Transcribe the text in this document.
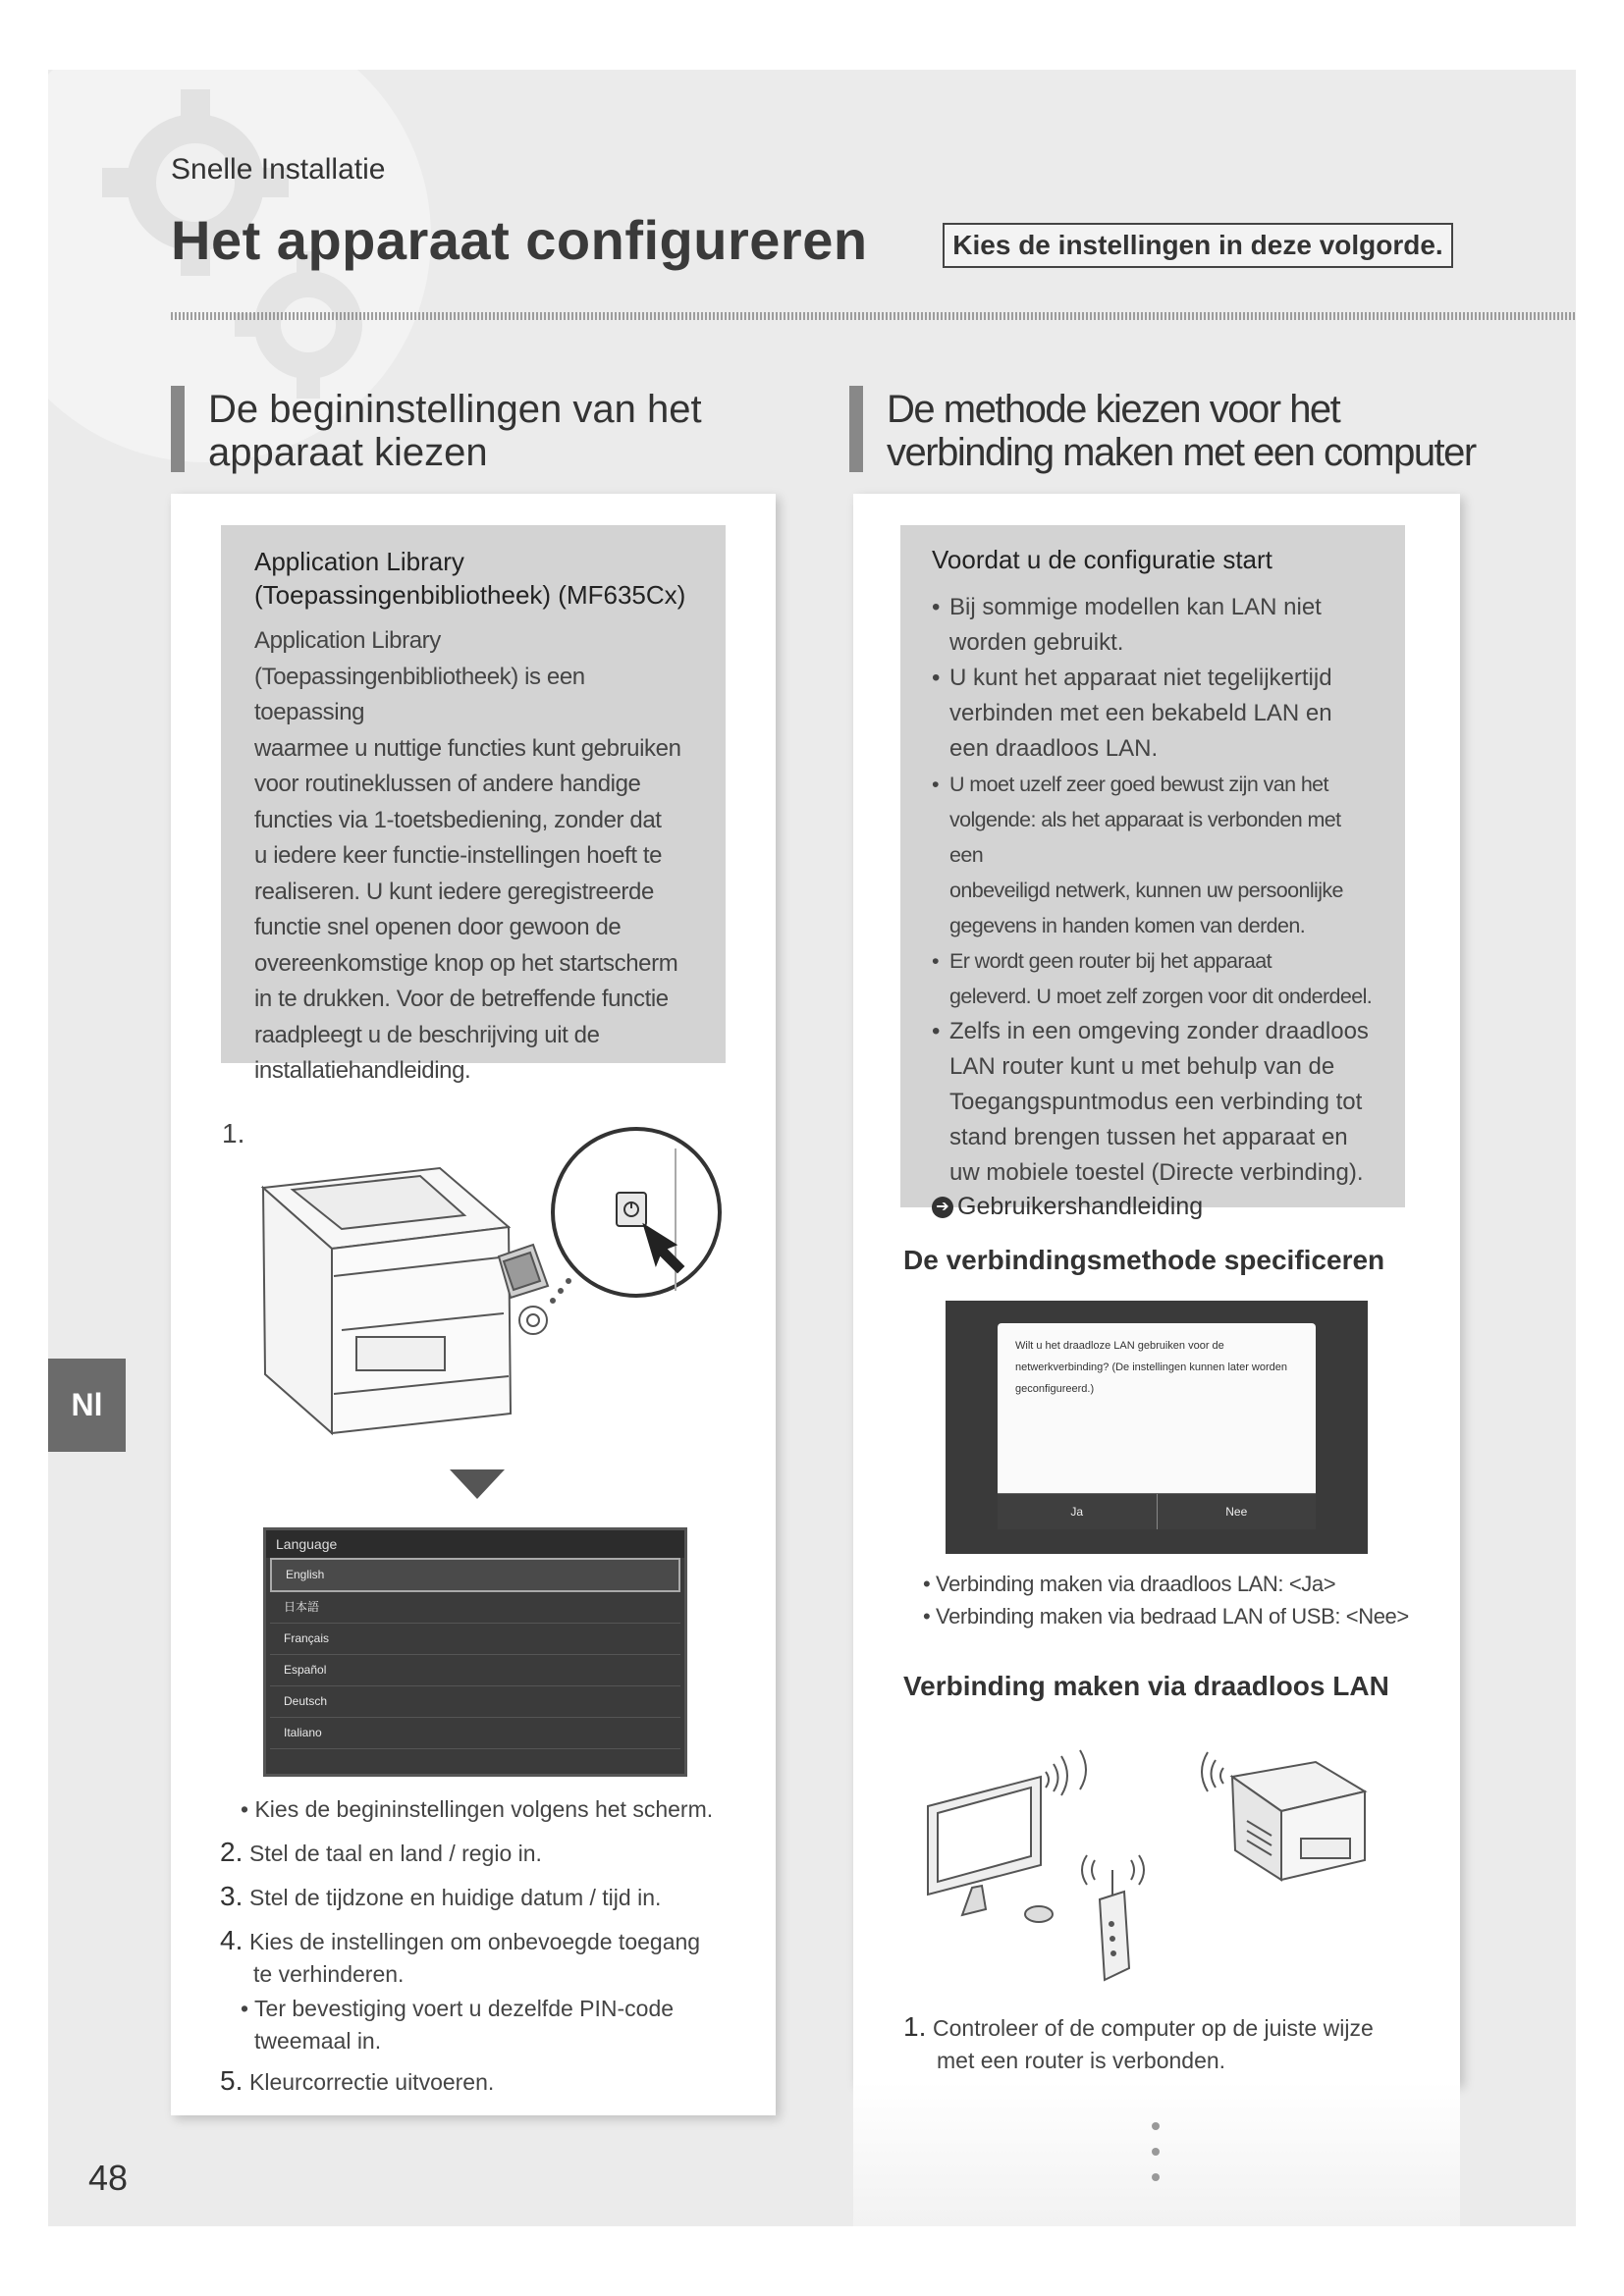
Snelle Installatie
Het apparaat configureren	Kies de instellingen in deze volgorde.
De begininstellingen van het
apparaat kiezen
De methode kiezen voor het
verbinding maken met een computer
Application Library
(Toepassingenbibliotheek) (MF635Cx)
Application Library
(Toepassingenbibliotheek) is een toepassing
waarmee u nuttige functies kunt gebruiken
voor routineklussen of andere handige
functies via 1-toetsbediening, zonder dat
u iedere keer functie-instellingen hoeft te
realiseren. U kunt iedere geregistreerde
functie snel openen door gewoon de
overeenkomstige knop op het startscherm
in te drukken. Voor de betreffende functie
raadpleegt u de beschrijving uit de
installatiehandleiding.
1.
Language
English
日本語
Français
Español
Deutsch
Italiano
• Kies de begininstellingen volgens het scherm.
2. Stel de taal en land / regio in.
3. Stel de tijdzone en huidige datum / tijd in.
4. Kies de instellingen om onbevoegde toegang
te verhinderen.
• Ter bevestiging voert u dezelfde PIN-code
tweemaal in.
5. Kleurcorrectie uitvoeren.
Voordat u de configuratie start
• Bij sommige modellen kan LAN niet
worden gebruikt.
• U kunt het apparaat niet tegelijkertijd
verbinden met een bekabeld LAN en
een draadloos LAN.
• U moet uzelf zeer goed bewust zijn van het
volgende: als het apparaat is verbonden met een
onbeveiligd netwerk, kunnen uw persoonlijke
gegevens in handen komen van derden.
• Er wordt geen router bij het apparaat
geleverd. U moet zelf zorgen voor dit onderdeel.
• Zelfs in een omgeving zonder draadloos
LAN router kunt u met behulp van de
Toegangspuntmodus een verbinding tot
stand brengen tussen het apparaat en
uw mobiele toestel (Directe verbinding).
➔ Gebruikershandleiding
De verbindingsmethode specificeren
Wilt u het draadloze LAN gebruiken voor de netwerkverbinding? (De instellingen kunnen later worden geconfigureerd.)
Ja	Nee
• Verbinding maken via draadloos LAN: <Ja>
• Verbinding maken via bedraad LAN of USB: <Nee>
Verbinding maken via draadloos LAN
1. Controleer of de computer op de juiste wijze
met een router is verbonden.
Nl
48
